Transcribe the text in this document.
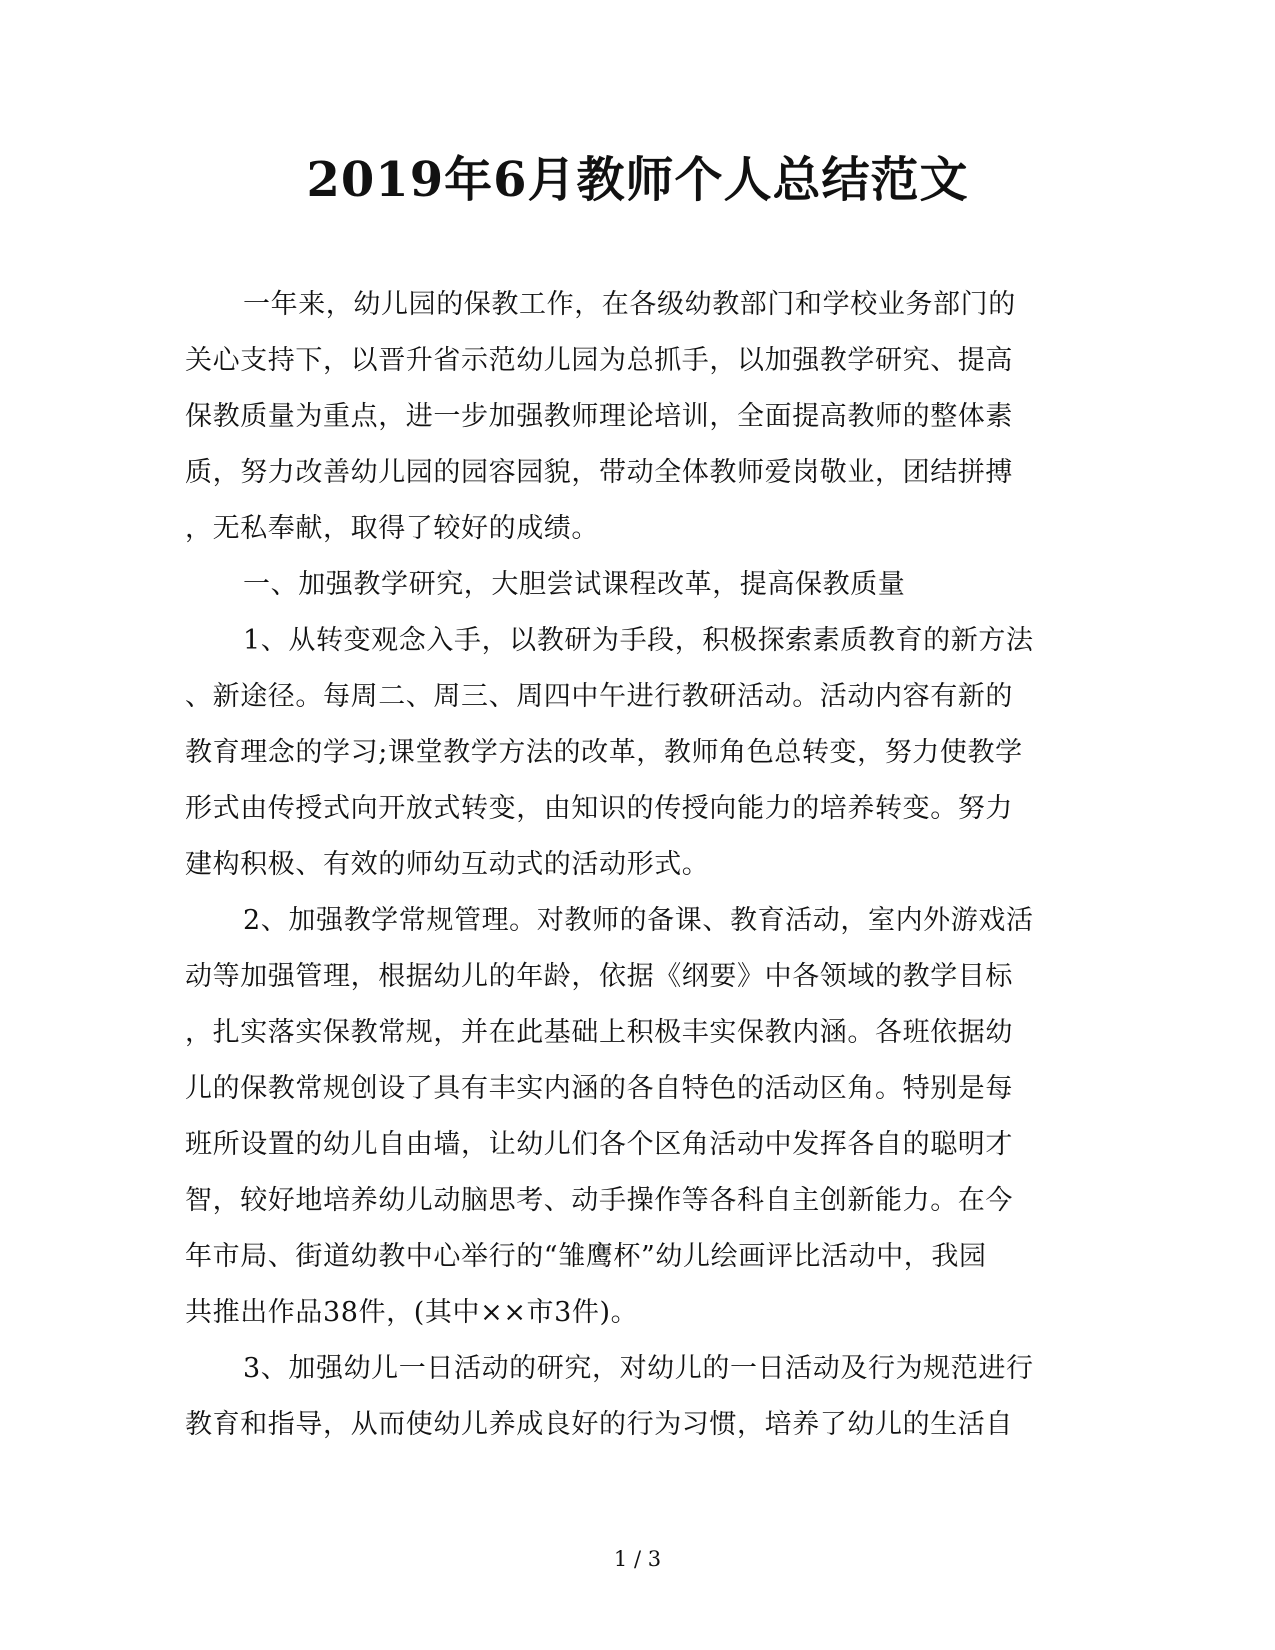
2019年6月教师个人总结范文
一年来，幼儿园的保教工作，在各级幼教部门和学校业务部门的
关心支持下，以晋升省示范幼儿园为总抓手，以加强教学研究、提高
保教质量为重点，进一步加强教师理论培训，全面提高教师的整体素
质，努力改善幼儿园的园容园貌，带动全体教师爱岗敬业，团结拼搏
，无私奉献，取得了较好的成绩。
一、加强教学研究，大胆尝试课程改革，提高保教质量
1、从转变观念入手，以教研为手段，积极探索素质教育的新方法
、新途径。每周二、周三、周四中午进行教研活动。活动内容有新的
教育理念的学习;课堂教学方法的改革，教师角色总转变，努力使教学
形式由传授式向开放式转变，由知识的传授向能力的培养转变。努力
建构积极、有效的师幼互动式的活动形式。
2、加强教学常规管理。对教师的备课、教育活动，室内外游戏活
动等加强管理，根据幼儿的年龄，依据《纲要》中各领域的教学目标
，扎实落实保教常规，并在此基础上积极丰实保教内涵。各班依据幼
儿的保教常规创设了具有丰实内涵的各自特色的活动区角。特别是每
班所设置的幼儿自由墙，让幼儿们各个区角活动中发挥各自的聪明才
智，较好地培养幼儿动脑思考、动手操作等各科自主创新能力。在今
年市局、街道幼教中心举行的“雏鹰杯”幼儿绘画评比活动中，我园
共推出作品38件，(其中××市3件)。
3、加强幼儿一日活动的研究，对幼儿的一日活动及行为规范进行
教育和指导，从而使幼儿养成良好的行为习惯，培养了幼儿的生活自
1 / 3
